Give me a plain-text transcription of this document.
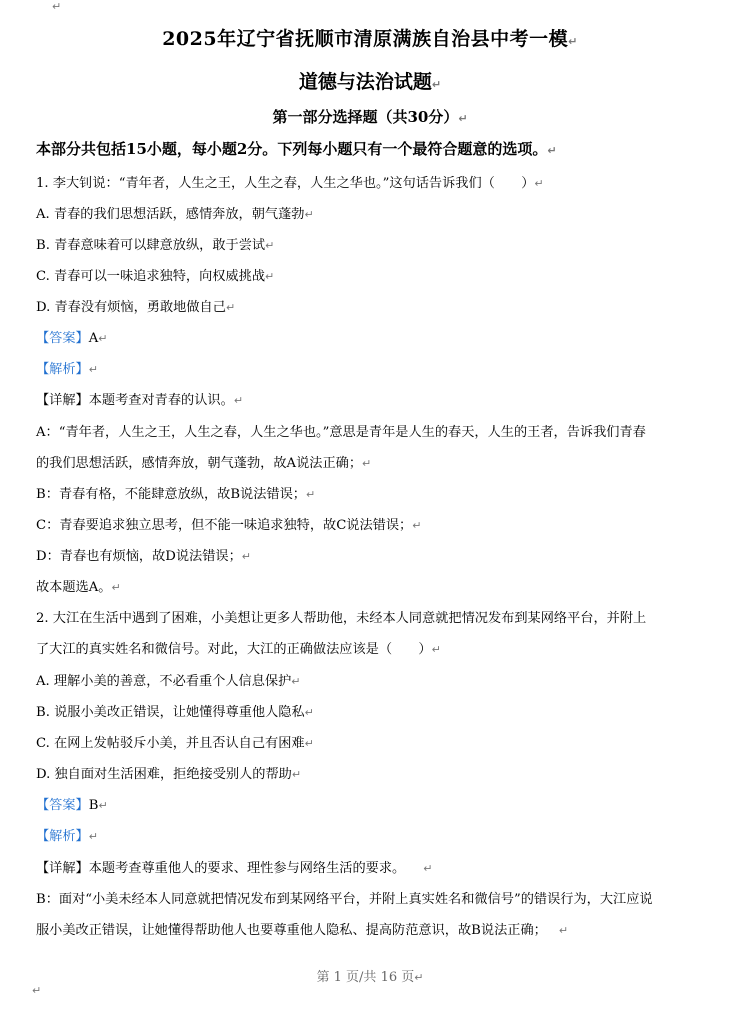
↵
2025年辽宁省抚顺市清原满族自治县中考一模↵
道德与法治试题↵
第一部分选择题（共30分）↵
本部分共包括15小题，每小题2分。下列每小题只有一个最符合题意的选项。↵
1. 李大钊说：“青年者，人生之王，人生之春，人生之华也。”这句话告诉我们（　　）↵
A. 青春的我们思想活跃，感情奔放，朝气蓬勃↵
B. 青春意味着可以肆意放纵，敢于尝试↵
C. 青春可以一味追求独特，向权威挑战↵
D. 青春没有烦恼，勇敢地做自己↵
【答案】A↵
【解析】↵
【详解】本题考查对青春的认识。↵
A：“青年者，人生之王，人生之春，人生之华也。”意思是青年是人生的春天，人生的王者，告诉我们青春
的我们思想活跃，感情奔放，朝气蓬勃，故A说法正确；↵
B：青春有格，不能肆意放纵，故B说法错误；↵
C：青春要追求独立思考，但不能一味追求独特，故C说法错误；↵
D：青春也有烦恼，故D说法错误；↵
故本题选A。↵
2. 大江在生活中遇到了困难，小美想让更多人帮助他，未经本人同意就把情况发布到某网络平台，并附上
了大江的真实姓名和微信号。对此，大江的正确做法应该是（　　）↵
A. 理解小美的善意，不必看重个人信息保护↵
B. 说服小美改正错误，让她懂得尊重他人隐私↵
C. 在网上发帖驳斥小美，并且否认自己有困难↵
D. 独自面对生活困难，拒绝接受别人的帮助↵
【答案】B↵
【解析】↵
【详解】本题考查尊重他人的要求、理性参与网络生活的要求。 ↵
B：面对“小美未经本人同意就把情况发布到某网络平台，并附上真实姓名和微信号”的错误行为，大江应说
服小美改正错误，让她懂得帮助他人也要尊重他人隐私、提高防范意识，故B说法正确； ↵
第 1 页/共 16 页↵
↵
